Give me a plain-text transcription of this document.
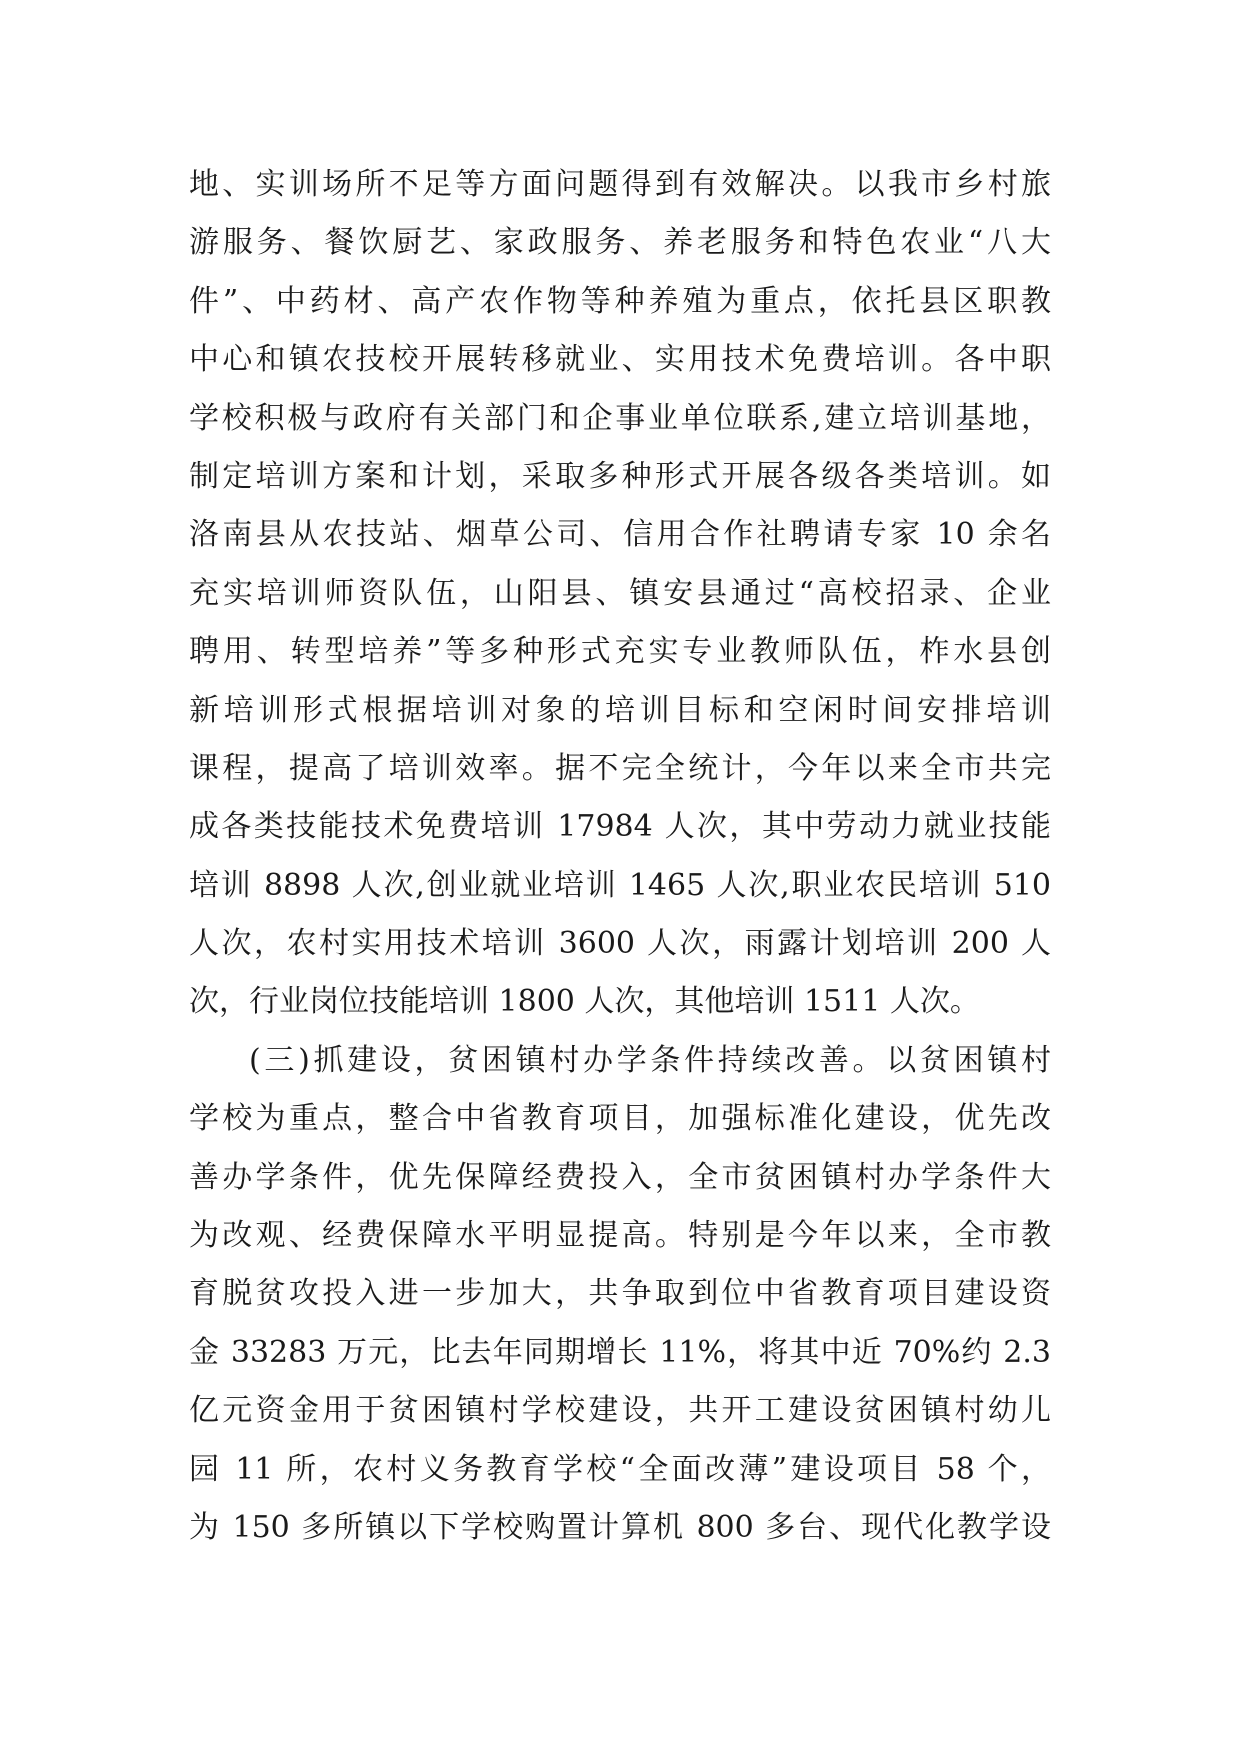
地、实训场所不足等方面问题得到有效解决。以我市乡村旅
游服务、餐饮厨艺、家政服务、养老服务和特色农业“八大
件”、中药材、高产农作物等种养殖为重点，依托县区职教
中心和镇农技校开展转移就业、实用技术免费培训。各中职
学校积极与政府有关部门和企事业单位联系,建立培训基地，
制定培训方案和计划，采取多种形式开展各级各类培训。如
洛南县从农技站、烟草公司、信用合作社聘请专家 10 余名
充实培训师资队伍，山阳县、镇安县通过“高校招录、企业
聘用、转型培养”等多种形式充实专业教师队伍，柞水县创
新培训形式根据培训对象的培训目标和空闲时间安排培训
课程，提高了培训效率。据不完全统计，今年以来全市共完
成各类技能技术免费培训 17984 人次，其中劳动力就业技能
培训 8898 人次,创业就业培训 1465 人次,职业农民培训 510
人次，农村实用技术培训 3600 人次，雨露计划培训 200 人
次，行业岗位技能培训 1800 人次，其他培训 1511 人次。
(三)抓建设，贫困镇村办学条件持续改善。以贫困镇村
学校为重点，整合中省教育项目，加强标准化建设，优先改
善办学条件，优先保障经费投入，全市贫困镇村办学条件大
为改观、经费保障水平明显提高。特别是今年以来，全市教
育脱贫攻投入进一步加大，共争取到位中省教育项目建设资
金 33283 万元，比去年同期增长 11%，将其中近 70%约 2.3
亿元资金用于贫困镇村学校建设，共开工建设贫困镇村幼儿
园 11 所，农村义务教育学校“全面改薄”建设项目 58 个，
为 150 多所镇以下学校购置计算机 800 多台、现代化教学设
